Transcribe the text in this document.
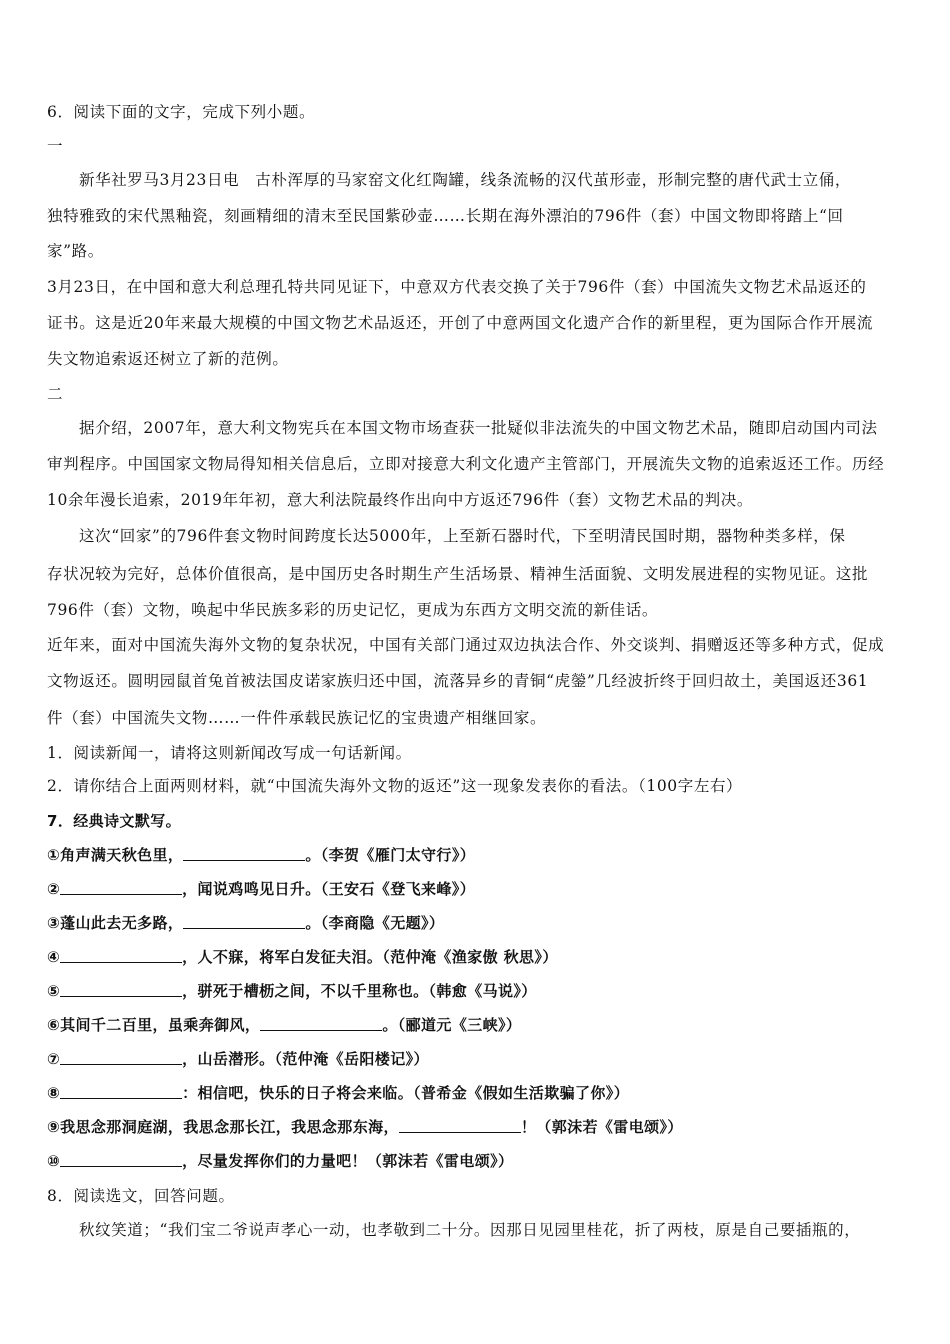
6．阅读下面的文字，完成下列小题。
一
新华社罗马3月23日电　古朴浑厚的马家窑文化红陶罐，线条流畅的汉代茧形壶，形制完整的唐代武士立俑，
独特雅致的宋代黑釉瓷，刻画精细的清末至民国紫砂壶……长期在海外漂泊的796件（套）中国文物即将踏上“回
家”路。
3月23日，在中国和意大利总理孔特共同见证下，中意双方代表交换了关于796件（套）中国流失文物艺术品返还的
证书。这是近20年来最大规模的中国文物艺术品返还，开创了中意两国文化遗产合作的新里程，更为国际合作开展流
失文物追索返还树立了新的范例。
二
据介绍，2007年，意大利文物宪兵在本国文物市场查获一批疑似非法流失的中国文物艺术品，随即启动国内司法
审判程序。中国国家文物局得知相关信息后，立即对接意大利文化遗产主管部门，开展流失文物的追索返还工作。历经
10余年漫长追索，2019年年初，意大利法院最终作出向中方返还796件（套）文物艺术品的判决。
这次“回家”的796件套文物时间跨度长达5000年，上至新石器时代，下至明清民国时期，器物种类多样，保
存状况较为完好，总体价值很高，是中国历史各时期生产生活场景、精神生活面貌、文明发展进程的实物见证。这批
796件（套）文物，唤起中华民族多彩的历史记忆，更成为东西方文明交流的新佳话。
近年来，面对中国流失海外文物的复杂状况，中国有关部门通过双边执法合作、外交谈判、捐赠返还等多种方式，促成
文物返还。圆明园鼠首兔首被法国皮诺家族归还中国，流落异乡的青铜“虎鎣”几经波折终于回归故土，美国返还361
件（套）中国流失文物……一件件承载民族记忆的宝贵遗产相继回家。
1．阅读新闻一，请将这则新闻改写成一句话新闻。
2．请你结合上面两则材料，就“中国流失海外文物的返还”这一现象发表你的看法。（100字左右）
7．经典诗文默写。
①角声满天秋色里，	。（李贺《雁门太守行》）
②	，闻说鸡鸣见日升。（王安石《登飞来峰》）
③蓬山此去无多路，	。（李商隐《无题》）
④	，人不寐，将军白发征夫泪。（范仲淹《渔家傲 秋思》）
⑤	，骈死于槽枥之间，不以千里称也。（韩愈《马说》）
⑥其间千二百里，虽乘奔御风，	。（郦道元《三峡》）
⑦	，山岳潜形。（范仲淹《岳阳楼记》）
⑧	：相信吧，快乐的日子将会来临。（普希金《假如生活欺骗了你》）
⑨我思念那洞庭湖，我思念那长江，我思念那东海，	！（郭沫若《雷电颂》）
⑩	，尽量发挥你们的力量吧！（郭沫若《雷电颂》）
8．阅读选文，回答问题。
秋纹笑道；“我们宝二爷说声孝心一动，也孝敬到二十分。因那日见园里桂花，折了两枝，原是自己要插瓶的，
